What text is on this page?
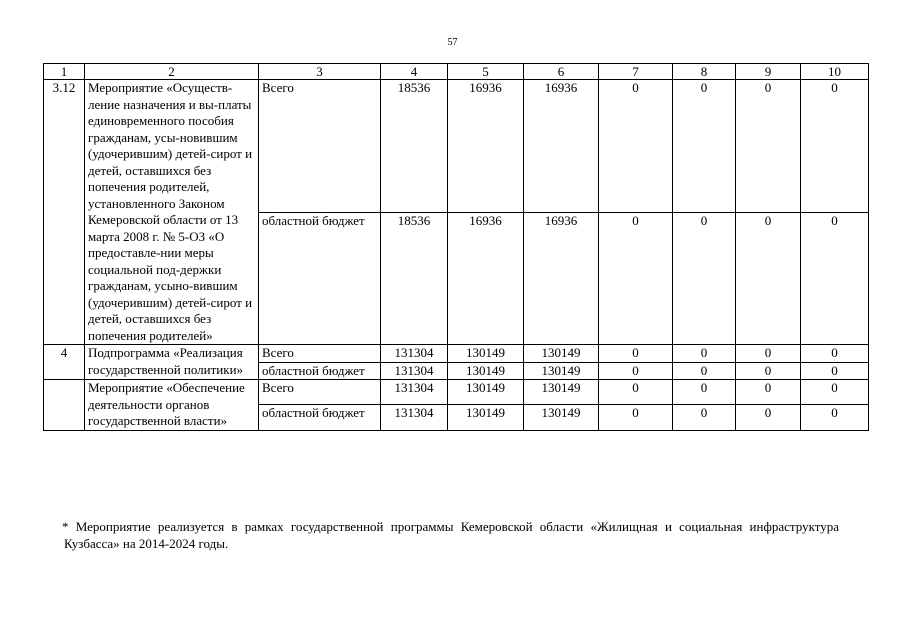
57
1	2	3	4	5	6	7	8	9	10
3.12	Мероприятие «Осуществ-ление назначения и вы-платы единовременного пособия гражданам, усы-новившим (удочерившим) детей-сирот и детей, оставшихся без попечения родителей, установленного Законом Кемеровской области от 13 марта 2008 г. № 5-ОЗ «О предоставле-нии меры социальной под-держки гражданам, усыно-вившим (удочерившим) детей-сирот и детей, оставшихся без попечения родителей»	Всего	18536	16936	16936	0	0	0	0
		областной бюджет	18536	16936	16936	0	0	0	0
4	Подпрограмма «Реализация государственной политики»	Всего	131304	130149	130149	0	0	0	0
		областной бюджет	131304	130149	130149	0	0	0	0
	Мероприятие «Обеспечение деятельности органов государственной власти»	Всего	131304	130149	130149	0	0	0	0
		областной бюджет	131304	130149	130149	0	0	0	0
* Мероприятие реализуется в рамках государственной программы Кемеровской области «Жилищная и социальная инфраструктура Кузбасса» на 2014-2024 годы.
